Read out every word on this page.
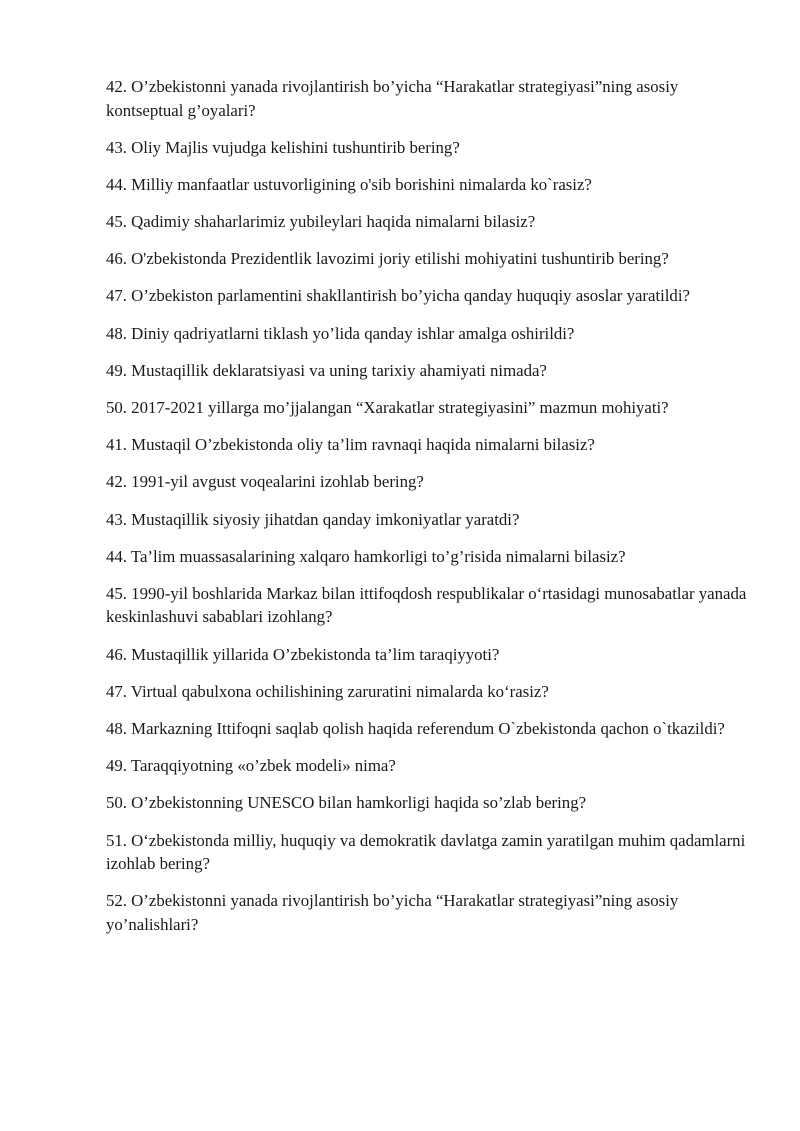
42. O’zbekistonni yanada rivojlantirish bo’yicha “Harakatlar strategiyasi”ning asosiy kontseptual g’oyalari?

43. Oliy Majlis vujudga kelishini tushuntirib bering?

44. Milliy manfaatlar ustuvorligining o'sib borishini nimalarda ko`rasiz?

45. Qadimiy shaharlarimiz yubileylari haqida nimalarni bilasiz?

46. O'zbekistonda Prezidentlik lavozimi joriy etilishi mohiyatini tushuntirib bering?

47. O’zbekiston parlamentini shakllantirish bo’yicha qanday huquqiy asoslar yaratildi?

48. Diniy qadriyatlarni tiklash yo’lida qanday ishlar amalga oshirildi?

49. Mustaqillik deklaratsiyasi va uning tarixiy ahamiyati nimada?

50. 2017-2021 yillarga mo’jjalangan “Xarakatlar strategiyasini” mazmun mohiyati?

41. Mustaqil O’zbekistonda oliy ta’lim ravnaqi haqida nimalarni bilasiz?

42. 1991-yil avgust voqealarini izohlab bering?

43. Mustaqillik siyosiy jihatdan qanday imkoniyatlar yaratdi?

44. Ta’lim muassasalarining xalqaro hamkorligi to’g’risida nimalarni bilasiz?

45. 1990-yil boshlarida Markaz bilan ittifoqdosh respublikalar o‘rtasidagi munosabatlar yanada keskinlashuvi sabablari izohlang?

46. Mustaqillik yillarida O’zbekistonda ta’lim taraqiyyoti?

47. Virtual qabulxona ochilishining zaruratini nimalarda ko‘rasiz?

48. Markazning Ittifoqni saqlab qolish haqida referendum O`zbekistonda qachon o`tkazildi?

49. Taraqqiyotning «o’zbek modeli» nima?

50. O’zbekistonning UNESCO bilan hamkorligi haqida so’zlab bering?

51. O‘zbekistonda milliy, huquqiy va demokratik davlatga zamin yaratilgan muhim qadamlarni izohlab bering?

52. O’zbekistonni yanada rivojlantirish bo’yicha “Harakatlar strategiyasi”ning asosiy yo’nalishlari?
